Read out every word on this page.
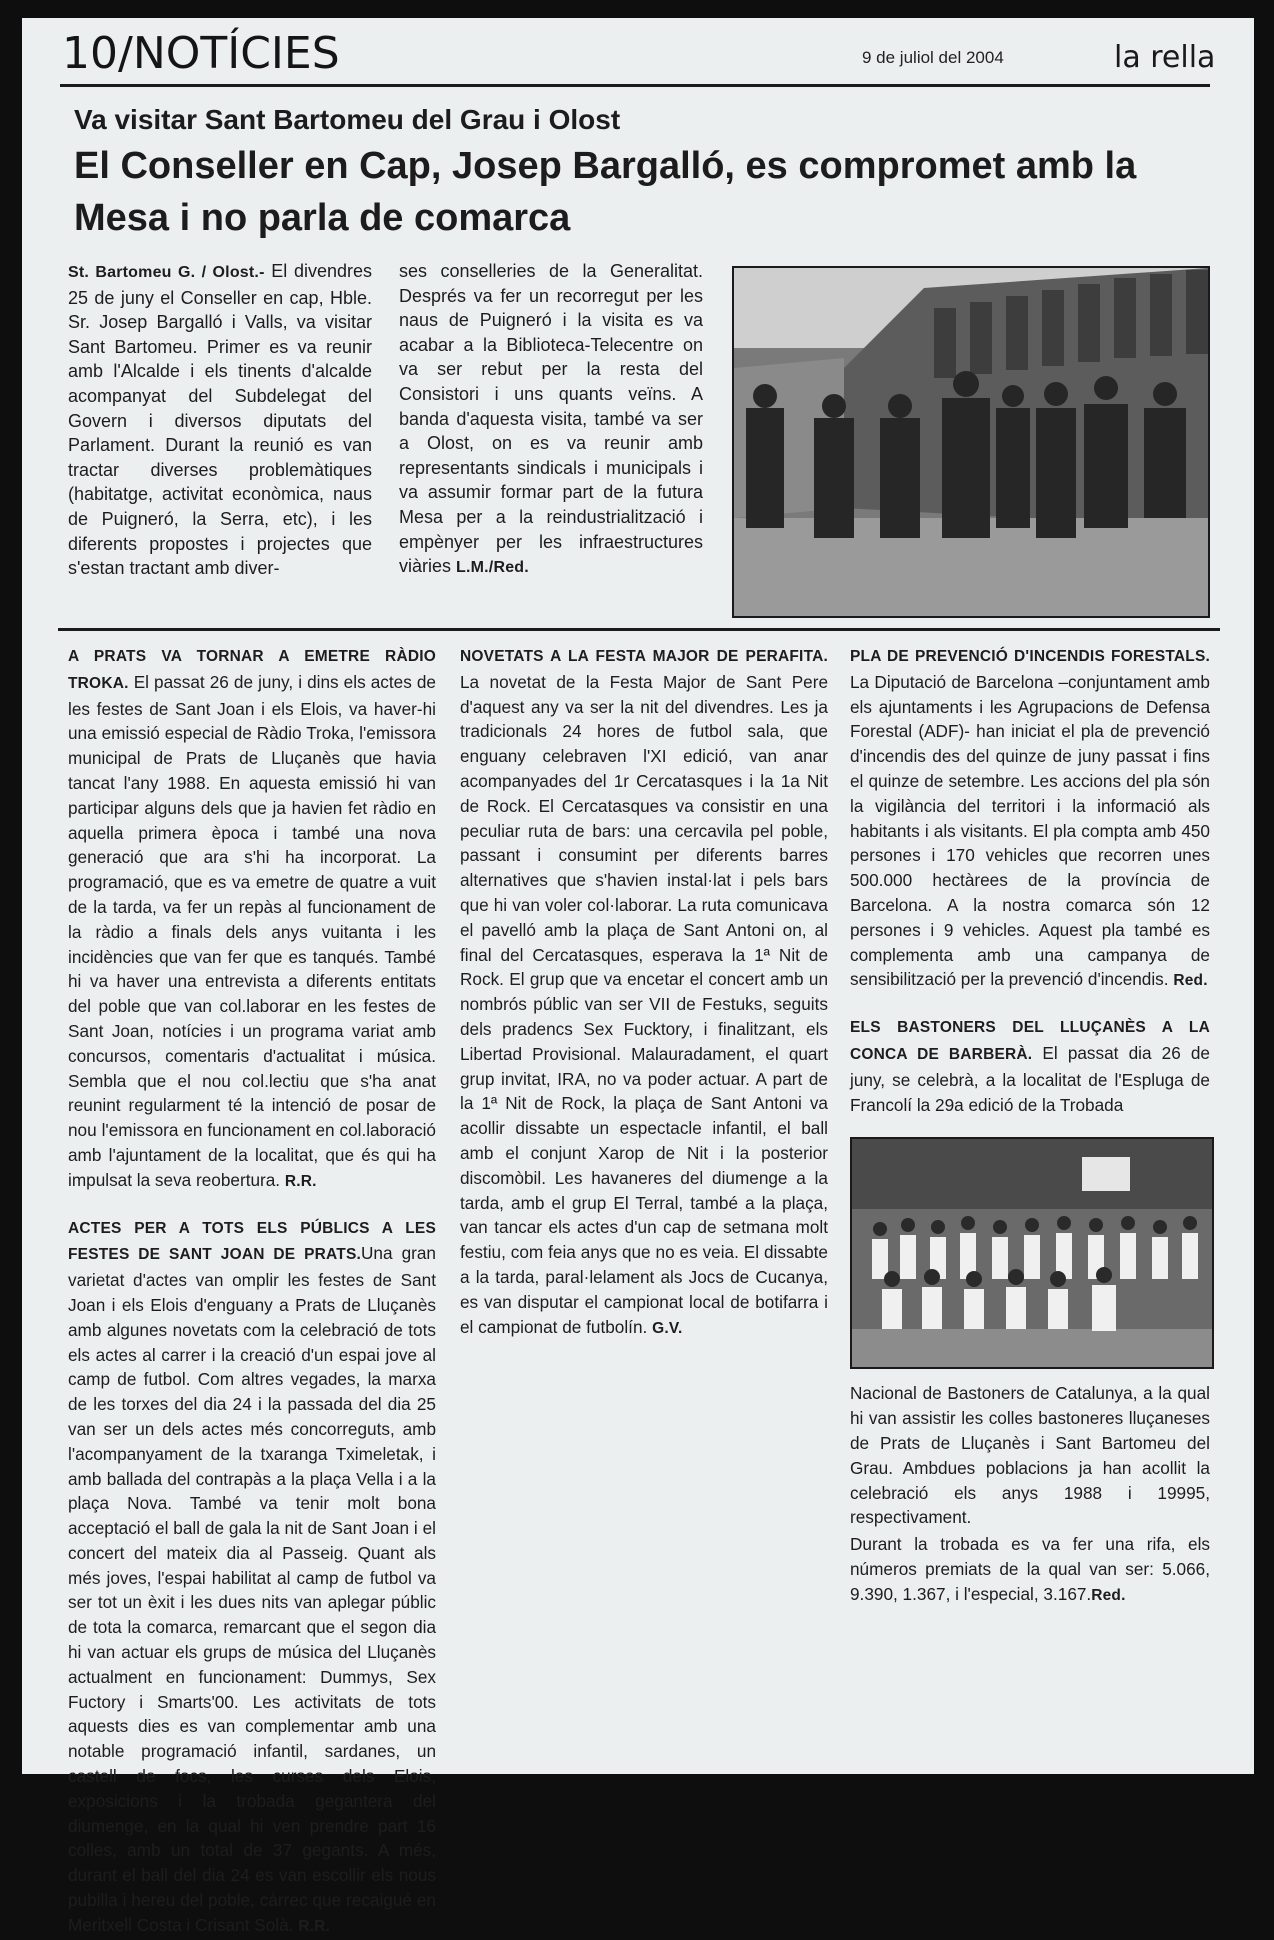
10/NOTÍCIES	9 de juliol del 2004	la rella
Va visitar Sant Bartomeu del Grau i Olost
El Conseller en Cap, Josep Bargalló, es compromet amb la Mesa i no parla de comarca
St. Bartomeu G. / Olost.- El divendres 25 de juny el Conseller en cap, Hble. Sr. Josep Bargalló i Valls, va visitar Sant Bartomeu. Primer es va reunir amb l'Alcalde i els tinents d'alcalde acompanyat del Subdelegat del Govern i diversos diputats del Parlament. Durant la reunió es van tractar diverses problemàtiques (habitatge, activitat econòmica, naus de Puigneró, la Serra, etc), i les diferents propostes i projectes que s'estan tractant amb diver-
ses conselleries de la Generalitat. Després va fer un recorregut per les naus de Puigneró i la visita es va acabar a la Biblioteca-Telecentre on va ser rebut per la resta del Consistori i uns quants veïns. A banda d'aquesta visita, també va ser a Olost, on es va reunir amb representants sindicals i municipals i va assumir formar part de la futura Mesa per a la reindustrialització i empènyer per les infraestructures viàries L.M./Red.

A PRATS VA TORNAR A EMETRE RÀDIO TROKA. El passat 26 de juny, i dins els actes de les festes de Sant Joan i els Elois, va haver-hi una emissió especial de Ràdio Troka, l'emissora municipal de Prats de Lluçanès que havia tancat l'any 1988. En aquesta emissió hi van participar alguns dels que ja havien fet ràdio en aquella primera època i també una nova generació que ara s'hi ha incorporat. La programació, que es va emetre de quatre a vuit de la tarda, va fer un repàs al funcionament de la ràdio a finals dels anys vuitanta i les incidències que van fer que es tanqués. També hi va haver una entrevista a diferents entitats del poble que van col.laborar en les festes de Sant Joan, notícies i un programa variat amb concursos, comentaris d'actualitat i música. Sembla que el nou col.lectiu que s'ha anat reunint regularment té la intenció de posar de nou l'emissora en funcionament en col.laboració amb l'ajuntament de la localitat, que és qui ha impulsat la seva reobertura. R.R.

ACTES PER A TOTS ELS PÚBLICS A LES FESTES DE SANT JOAN DE PRATS.Una gran varietat d'actes van omplir les festes de Sant Joan i els Elois d'enguany a Prats de Lluçanès amb algunes novetats com la celebració de tots els actes al carrer i la creació d'un espai jove al camp de futbol. Com altres vegades, la marxa de les torxes del dia 24 i la passada del dia 25 van ser un dels actes més concorreguts, amb l'acompanyament de la txaranga Tximeletak, i amb ballada del contrapàs a la plaça Vella i a la plaça Nova. També va tenir molt bona acceptació el ball de gala la nit de Sant Joan i el concert del mateix dia al Passeig. Quant als més joves, l'espai habilitat al camp de futbol va ser tot un èxit i les dues nits van aplegar públic de tota la comarca, remarcant que el segon dia hi van actuar els grups de música del Lluçanès actualment en funcionament: Dummys, Sex Fuctory i Smarts'00. Les activitats de tots aquests dies es van complementar amb una notable programació infantil, sardanes, un castell de focs, les curses dels Elois, exposicions i la trobada gegantera del diumenge, en la qual hi ven prendre part 16 colles, amb un total de 37 gegants. A més, durant el ball del dia 24 es van escollir els nous pubilla i hereu del poble, càrrec que recaigué en Meritxell Costa i Crisant Solà. R.R.

NOVETATS A LA FESTA MAJOR DE PERAFITA. La novetat de la Festa Major de Sant Pere d'aquest any va ser la nit del divendres. Les ja tradicionals 24 hores de futbol sala, que enguany celebraven l'XI edició, van anar acompanyades del 1r Cercatasques i la 1a Nit de Rock. El Cercatasques va consistir en una peculiar ruta de bars: una cercavila pel poble, passant i consumint per diferents barres alternatives que s'havien instal·lat i pels bars que hi van voler col·laborar. La ruta comunicava el pavelló amb la plaça de Sant Antoni on, al final del Cercatasques, esperava la 1ª Nit de Rock. El grup que va encetar el concert amb un nombrós públic van ser VII de Festuks, seguits dels pradencs Sex Fucktory, i finalitzant, els Libertad Provisional. Malauradament, el quart grup invitat, IRA, no va poder actuar. A part de la 1ª Nit de Rock, la plaça de Sant Antoni va acollir dissabte un espectacle infantil, el ball amb el conjunt Xarop de Nit i la posterior discomòbil. Les havaneres del diumenge a la tarda, amb el grup El Terral, també a la plaça, van tancar els actes d'un cap de setmana molt festiu, com feia anys que no es veia. El dissabte a la tarda, paral·lelament als Jocs de Cucanya, es van disputar el campionat local de botifarra i el campionat de futbolín. G.V.

PLA DE PREVENCIÓ D'INCENDIS FORESTALS. La Diputació de Barcelona –conjuntament amb els ajuntaments i les Agrupacions de Defensa Forestal (ADF)- han iniciat el pla de prevenció d'incendis des del quinze de juny passat i fins el quinze de setembre. Les accions del pla són la vigilància del territori i la informació als habitants i als visitants. El pla compta amb 450 persones i 170 vehicles que recorren unes 500.000 hectàrees de la província de Barcelona. A la nostra comarca són 12 persones i 9 vehicles. Aquest pla també es complementa amb una campanya de sensibilització per la prevenció d'incendis. Red.

ELS BASTONERS DEL LLUÇANÈS A LA CONCA DE BARBERÀ. El passat dia 26 de juny, se celebrà, a la localitat de l'Espluga de Francolí la 29a edició de la Trobada

Nacional de Bastoners de Catalunya, a la qual hi van assistir les colles bastoneres lluçaneses de Prats de Lluçanès i Sant Bartomeu del Grau. Ambdues poblacions ja han acollit la celebració els anys 1988 i 19995, respectivament.

Durant la trobada es va fer una rifa, els números premiats de la qual van ser: 5.066, 9.390, 1.367, i l'especial, 3.167.Red.
